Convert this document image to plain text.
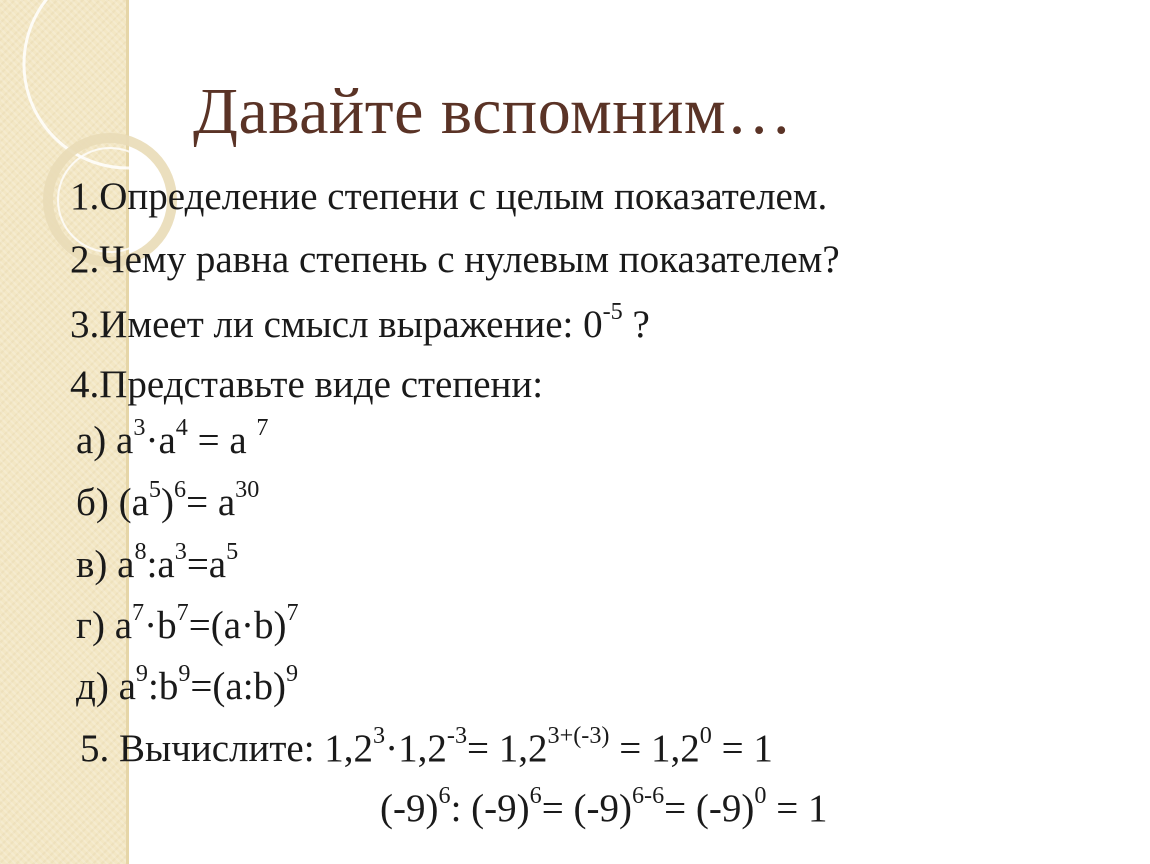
Давайте вспомним…
1.Определение степени с целым показателем.
2.Чему равна степень с нулевым показателем?
3.Имеет ли смысл выражение: $0^{-5}$ ?
4.Представьте виде степени:
а) $а^3\cdot а^4 = а$ $^7$
б) $(а^5)^6= а^{30}$
в) $а^8:а^3=а^5$
г) $а^7\cdot b^7=(а\cdot b)^7$
д) $а^9:b^9=(а:b)^9$
5. Вычислите: $1,2^3\cdot 1,2^{-3}= 1,2^{3+(-3)} = 1,2^0 = 1$
$(-9)^6$: $(-9)^6= (-9)^{6-6}= (-9)^0 = 1$
